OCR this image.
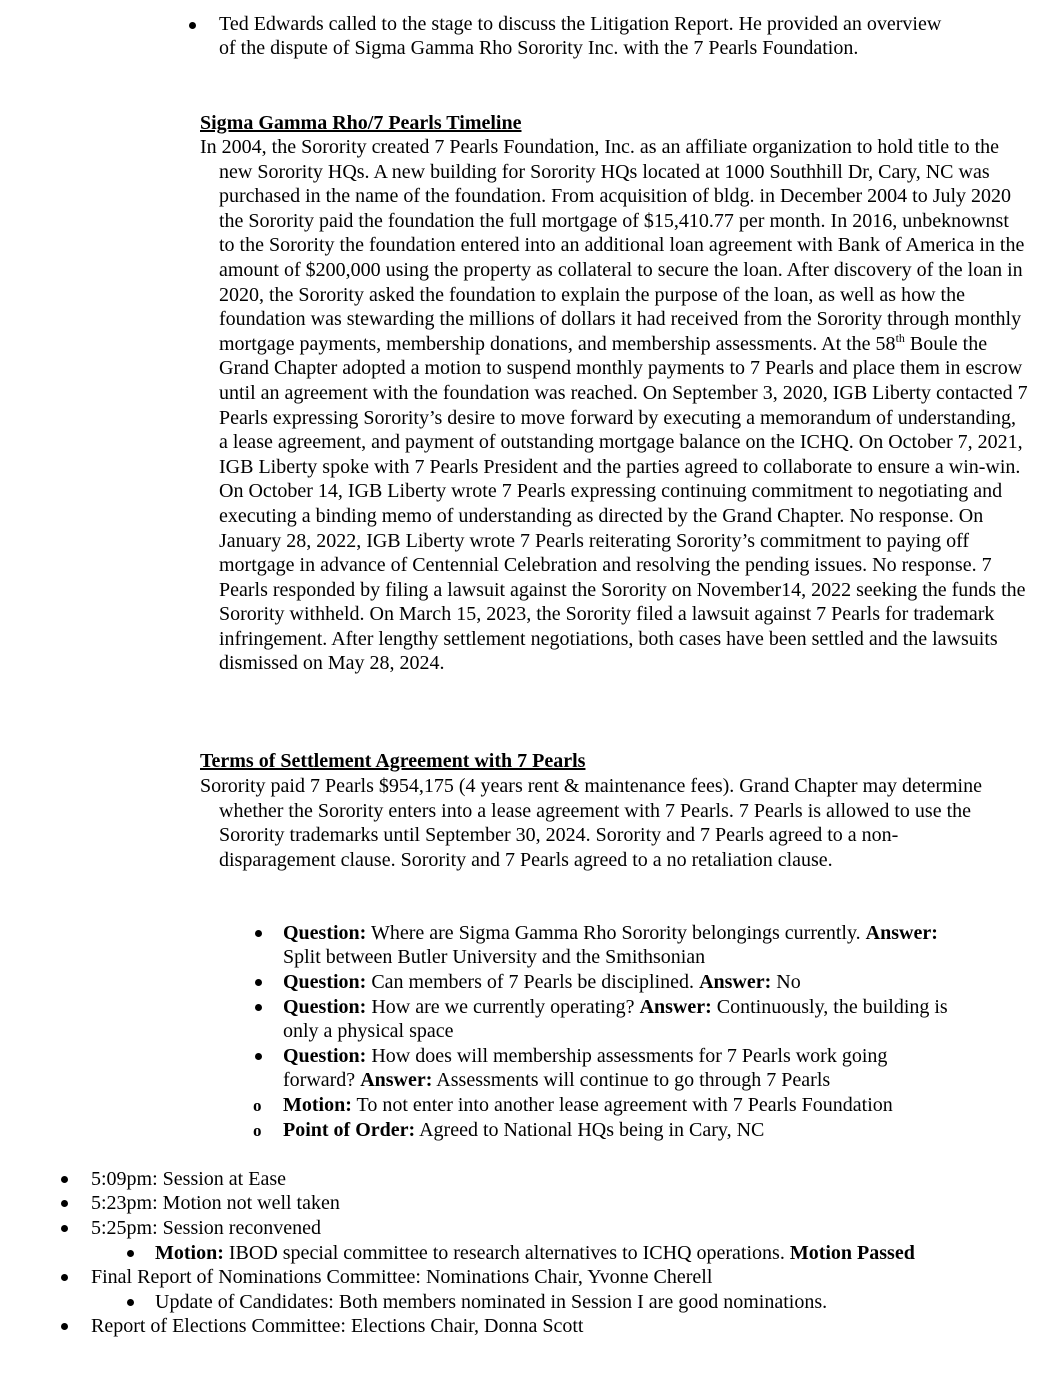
Ted Edwards called to the stage to discuss the Litigation Report. He provided an overview
of the dispute of Sigma Gamma Rho Sorority Inc. with the 7 Pearls Foundation.
Sigma Gamma Rho/7 Pearls Timeline
In 2004, the Sorority created 7 Pearls Foundation, Inc. as an affiliate organization to hold title to the new Sorority HQs. A new building for Sorority HQs located at 1000 Southhill Dr, Cary, NC was purchased in the name of the foundation. From acquisition of bldg. in December 2004 to July 2020 the Sorority paid the foundation the full mortgage of $15,410.77 per month. In 2016, unbeknownst to the Sorority the foundation entered into an additional loan agreement with Bank of America in the amount of $200,000 using the property as collateral to secure the loan. After discovery of the loan in 2020, the Sorority asked the foundation to explain the purpose of the loan, as well as how the foundation was stewarding the millions of dollars it had received from the Sorority through monthly mortgage payments, membership donations, and membership assessments. At the 58th Boule the Grand Chapter adopted a motion to suspend monthly payments to 7 Pearls and place them in escrow until an agreement with the foundation was reached. On September 3, 2020, IGB Liberty contacted 7 Pearls expressing Sorority’s desire to move forward by executing a memorandum of understanding, a lease agreement, and payment of outstanding mortgage balance on the ICHQ. On October 7, 2021, IGB Liberty spoke with 7 Pearls President and the parties agreed to collaborate to ensure a win-win. On October 14, IGB Liberty wrote 7 Pearls expressing continuing commitment to negotiating and executing a binding memo of understanding as directed by the Grand Chapter. No response. On January 28, 2022, IGB Liberty wrote 7 Pearls reiterating Sorority’s commitment to paying off mortgage in advance of Centennial Celebration and resolving the pending issues. No response. 7 Pearls responded by filing a lawsuit against the Sorority on November14, 2022 seeking the funds the Sorority withheld. On March 15, 2023, the Sorority filed a lawsuit against 7 Pearls for trademark infringement. After lengthy settlement negotiations, both cases have been settled and the lawsuits dismissed on May 28, 2024.
Terms of Settlement Agreement with 7 Pearls
Sorority paid 7 Pearls $954,175 (4 years rent & maintenance fees). Grand Chapter may determine whether the Sorority enters into a lease agreement with 7 Pearls. 7 Pearls is allowed to use the Sorority trademarks until September 30, 2024. Sorority and 7 Pearls agreed to a non-disparagement clause. Sorority and 7 Pearls agreed to a no retaliation clause.
Question: Where are Sigma Gamma Rho Sorority belongings currently. Answer:
Split between Butler University and the Smithsonian
Question: Can members of 7 Pearls be disciplined. Answer: No
Question: How are we currently operating? Answer: Continuously, the building is
only a physical space
Question: How does will membership assessments for 7 Pearls work going
forward? Answer: Assessments will continue to go through 7 Pearls
o Motion: To not enter into another lease agreement with 7 Pearls Foundation
o Point of Order: Agreed to National HQs being in Cary, NC
5:09pm: Session at Ease
5:23pm: Motion not well taken
5:25pm: Session reconvened
Motion: IBOD special committee to research alternatives to ICHQ operations. Motion Passed
Final Report of Nominations Committee: Nominations Chair, Yvonne Cherell
Update of Candidates: Both members nominated in Session I are good nominations.
Report of Elections Committee: Elections Chair, Donna Scott
